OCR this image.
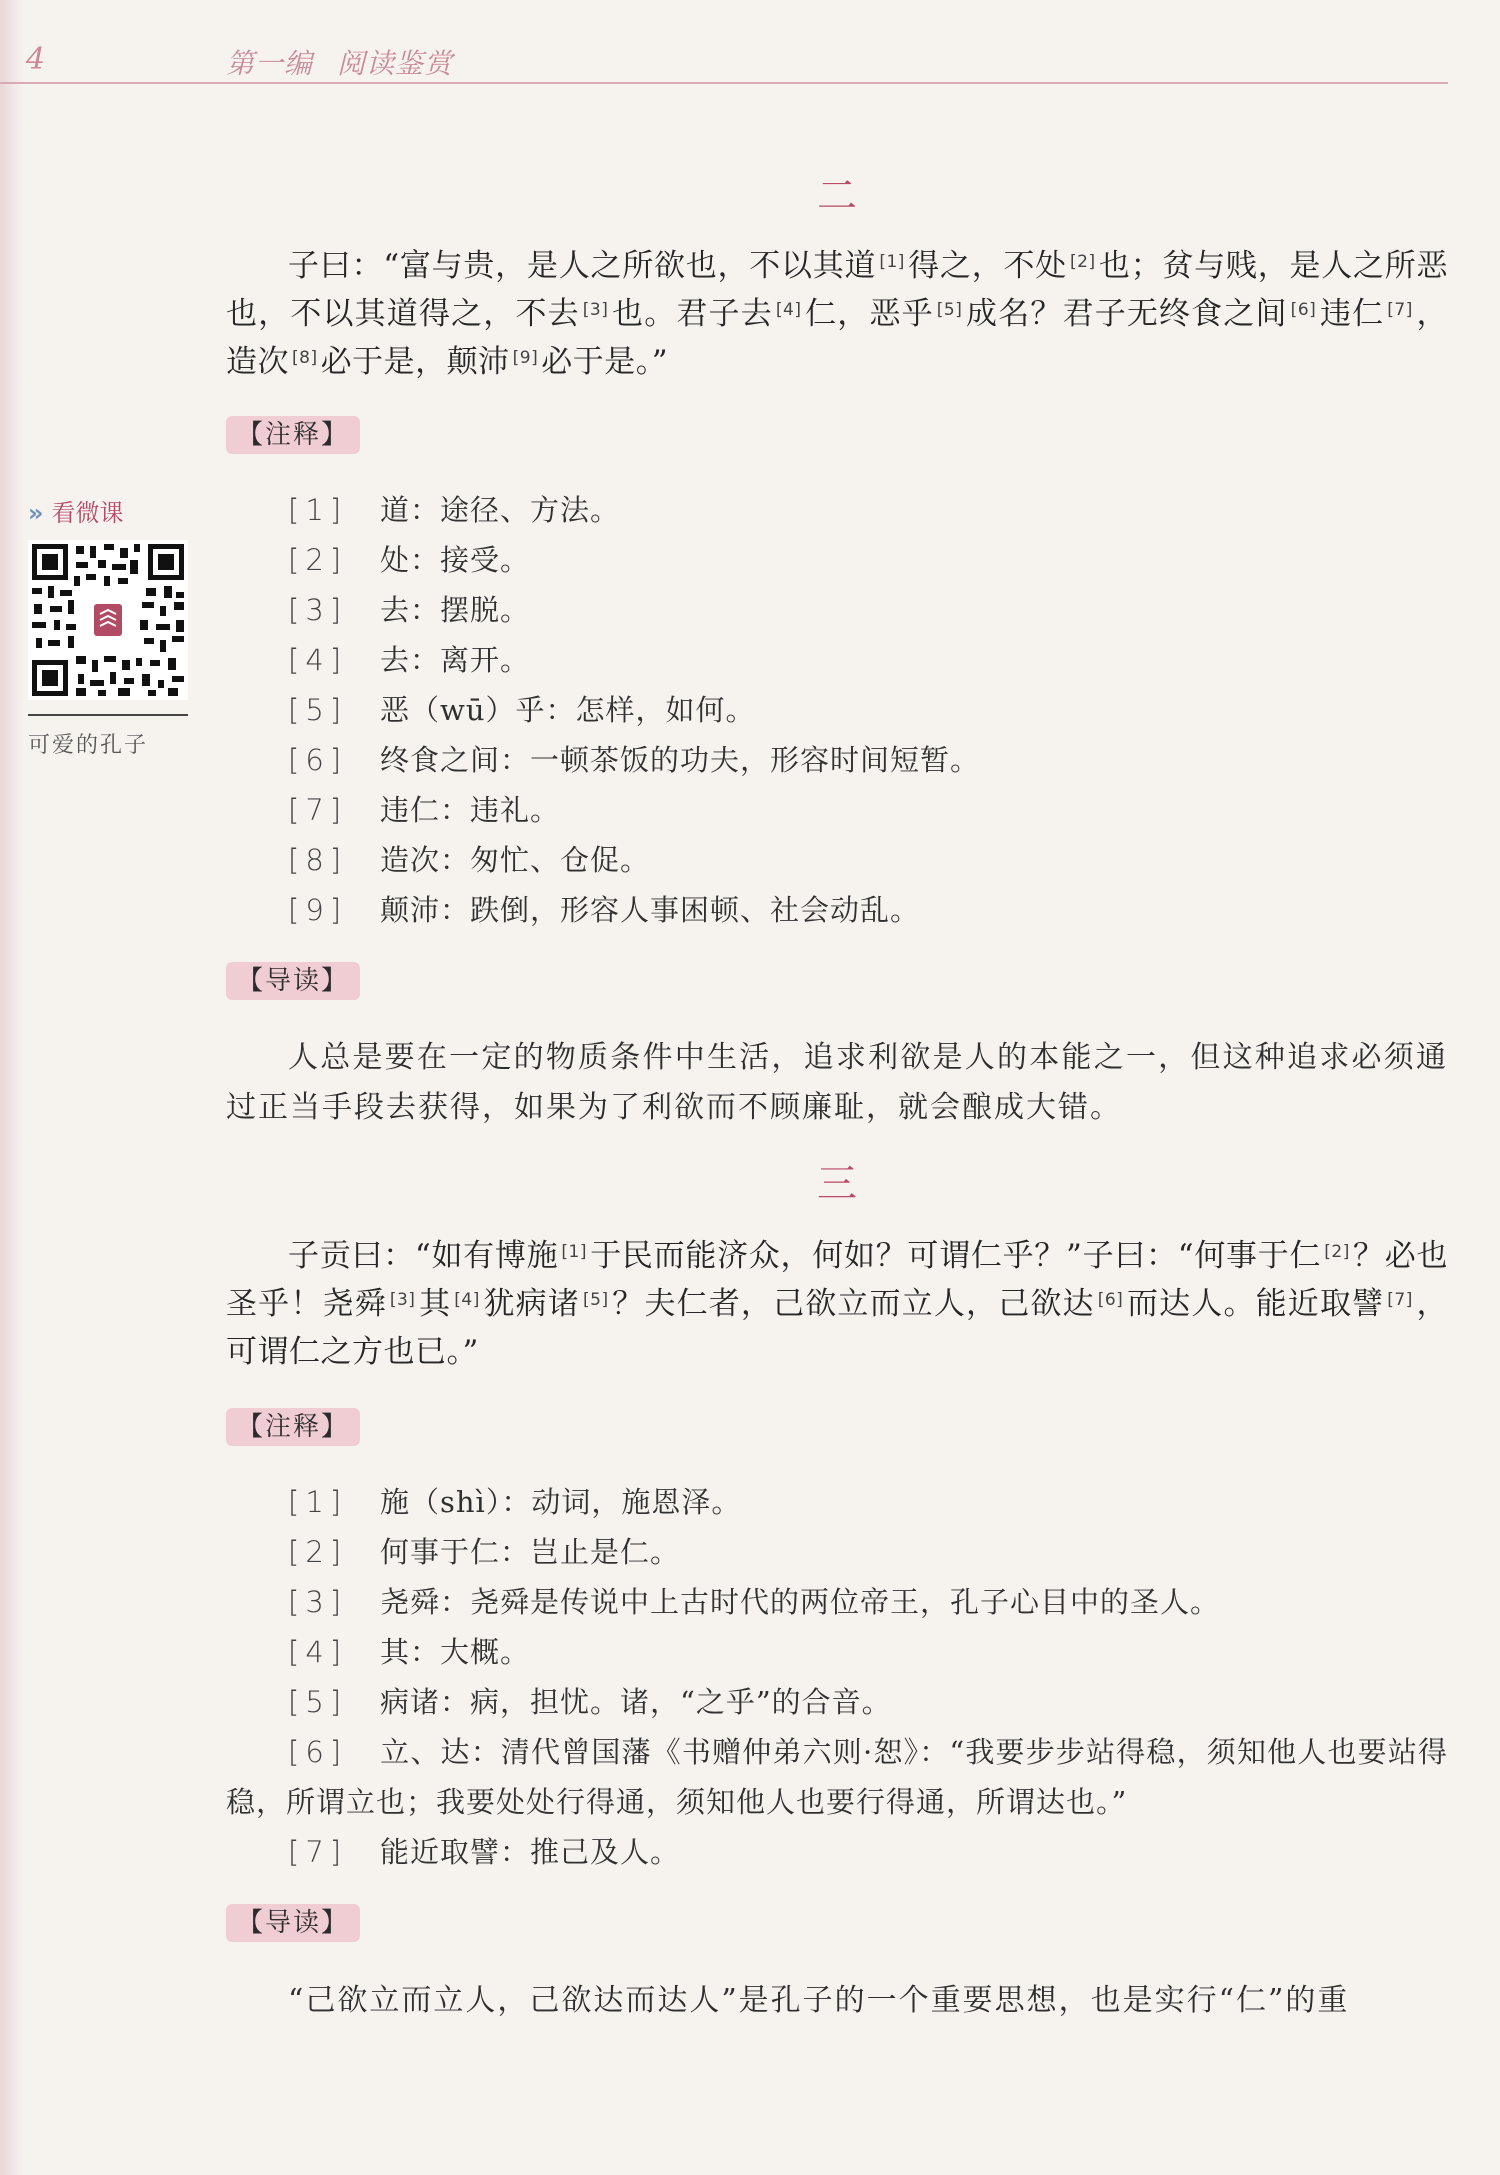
4	第一编 阅读鉴赏
» 看微课
可爱的孔子
二
子曰：“富与贵，是人之所欲也，不以其道 [1]得之，不处 [2]也；贫与贱，是人之所恶也，不以其道得之，不去 [3]也。君子去 [4]仁，恶乎 [5]成名？君子无终食之间 [6]违仁 [7]，造次 [8]必于是，颠沛 [9]必于是。”
【注释】
[1] 道：途径、方法。
[2] 处：接受。
[3] 去：摆脱。
[4] 去：离开。
[5] 恶（wū）乎：怎样，如何。
[6] 终食之间：一顿茶饭的功夫，形容时间短暂。
[7] 违仁：违礼。
[8] 造次：匆忙、仓促。
[9] 颠沛：跌倒，形容人事困顿、社会动乱。
【导读】
人总是要在一定的物质条件中生活，追求利欲是人的本能之一，但这种追求必须通过正当手段去获得，如果为了利欲而不顾廉耻，就会酿成大错。
三
子贡曰：“如有博施 [1]于民而能济众，何如？可谓仁乎？”子曰：“何事于仁 [2]？必也圣乎！尧舜 [3]其 [4]犹病诸 [5]？夫仁者，己欲立而立人，己欲达 [6]而达人。能近取譬 [7]，可谓仁之方也已。”
【注释】
[1] 施（shì）：动词，施恩泽。
[2] 何事于仁：岂止是仁。
[3] 尧舜：尧舜是传说中上古时代的两位帝王，孔子心目中的圣人。
[4] 其：大概。
[5] 病诸：病，担忧。诸，“之乎”的合音。
[6] 立、达：清代曾国藩《书赠仲弟六则·恕》：“我要步步站得稳，须知他人也要站得稳，所谓立也；我要处处行得通，须知他人也要行得通，所谓达也。”
[7] 能近取譬：推己及人。
【导读】
“己欲立而立人，己欲达而达人”是孔子的一个重要思想，也是实行“仁”的重
